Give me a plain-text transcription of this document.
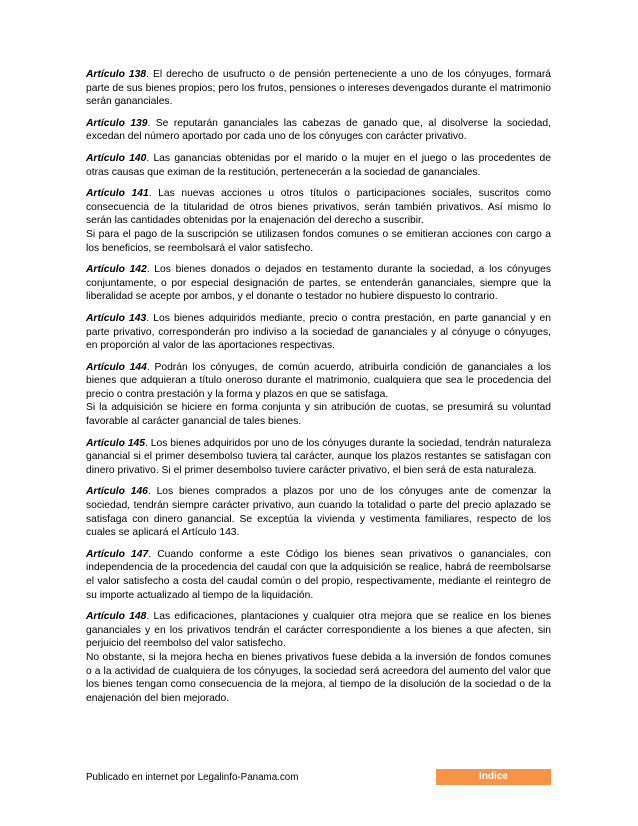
Artículo 138. El derecho de usufructo o de pensión perteneciente a uno de los cónyuges, formará parte de sus bienes propios; pero los frutos, pensiones o intereses devengados durante el matrimonio serán gananciales.

Artículo 139. Se reputarán gananciales las cabezas de ganado que, al disolverse la sociedad, excedan del número aportado por cada uno de los cónyuges con carácter privativo.

Artículo 140. Las ganancias obtenidas por el marido o la mujer en el juego o las procedentes de otras causas que eximan de la restitución, pertenecerán a la sociedad de gananciales.

Artículo 141. Las nuevas acciones u otros títulos o participaciones sociales, suscritos como consecuencia de la titularidad de otros bienes privativos, serán también privativos. Así mismo lo serán las cantidades obtenidas por la enajenación del derecho a suscribir.

Si para el pago de la suscripción se utilizasen fondos comunes o se emitieran acciones con cargo a los beneficios, se reembolsará el valor satisfecho.

Artículo 142. Los bienes donados o dejados en testamento durante la sociedad, a los cónyuges conjuntamente, o por especial designación de partes, se entenderán gananciales, siempre que la liberalidad se acepte por ambos, y el donante o testador no hubiere dispuesto lo contrario.

Artículo 143. Los bienes adquiridos mediante, precio o contra prestación, en parte ganancial y en parte privativo, corresponderán pro indiviso a la sociedad de gananciales y al cónyuge o cónyuges, en proporción al valor de las aportaciones respectivas.

Artículo 144. Podrán los cónyuges, de común acuerdo, atribuirla condición de gananciales a los bienes que adquieran a título oneroso durante el matrimonio, cualquiera que sea le procedencia del precio o contra prestación y la forma y plazos en que se satisfaga.

Si la adquisición se hiciere en forma conjunta y sin atribución de cuotas, se presumirá su voluntad favorable al carácter ganancial de tales bienes.

Artículo 145. Los bienes adquiridos por uno de los cónyuges durante la sociedad, tendrán naturaleza ganancial si el primer desembolso tuviera tal carácter, aunque los plazos restantes se satisfagan con dinero privativo. Si el primer desembolso tuviere carácter privativo, el bien será de esta naturaleza.

Artículo 146. Los bienes comprados a plazos por uno de los cónyuges ante de comenzar la sociedad, tendrán siempre carácter privativo, aun cuando la totalidad o parte del precio aplazado se satisfaga con dinero ganancial. Se exceptúa la vivienda y vestimenta familiares, respecto de los cuales se aplicará el Artículo 143.

Artículo 147. Cuando conforme a este Código los bienes sean privativos o gananciales, con independencia de la procedencia del caudal con que la adquisición se realice, habrá de reembolsarse el valor satisfecho a costa del caudal común o del propio, respectivamente, mediante el reintegro de su importe actualizado al tiempo de la liquidación.

Artículo 148. Las edificaciones, plantaciones y cualquier otra mejora que se realice en los bienes gananciales y en los privativos tendrán el carácter correspondiente a los bienes a que afecten, sin perjuicio del reembolso del valor satisfecho.

No obstante, si la mejora hecha en bienes privativos fuese debida a la inversión de fondos comunes o a la actividad de cualquiera de los cónyuges, la sociedad será acreedora del aumento del valor que los bienes tengan como consecuencia de la mejora, al tiempo de la disolución de la sociedad o de la enajenación del bien mejorado.

Publicado en internet por Legalinfo-Panama.com	Indice
